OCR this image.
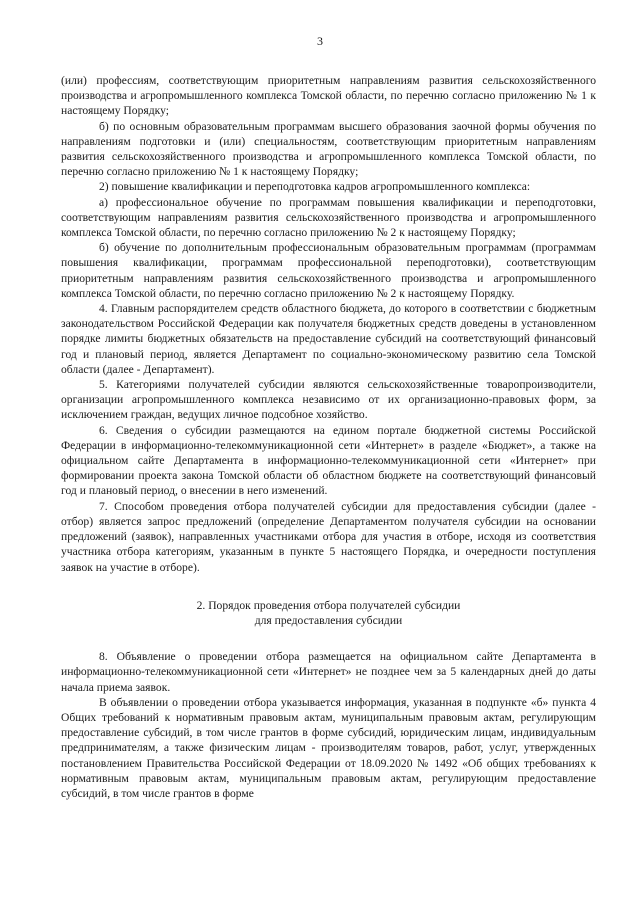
3

(или) профессиям, соответствующим приоритетным направлениям развития сельскохозяйственного производства и агропромышленного комплекса Томской области, по перечню согласно приложению № 1 к настоящему Порядку;

б) по основным образовательным программам высшего образования заочной формы обучения по направлениям подготовки и (или) специальностям, соответствующим приоритетным направлениям развития сельскохозяйственного производства и агропромышленного комплекса Томской области, по перечню согласно приложению № 1 к настоящему Порядку;

2) повышение квалификации и переподготовка кадров агропромышленного комплекса:

а) профессиональное обучение по программам повышения квалификации и переподготовки, соответствующим направлениям развития сельскохозяйственного производства и агропромышленного комплекса Томской области, по перечню согласно приложению № 2 к настоящему Порядку;

б) обучение по дополнительным профессиональным образовательным программам (программам повышения квалификации, программам профессиональной переподготовки), соответствующим приоритетным направлениям развития сельскохозяйственного производства и агропромышленного комплекса Томской области, по перечню согласно приложению № 2 к настоящему Порядку.

4. Главным распорядителем средств областного бюджета, до которого в соответствии с бюджетным законодательством Российской Федерации как получателя бюджетных средств доведены в установленном порядке лимиты бюджетных обязательств на предоставление субсидий на соответствующий финансовый год и плановый период, является Департамент по социально-экономическому развитию села Томской области (далее - Департамент).

5. Категориями получателей субсидии являются сельскохозяйственные товаропроизводители, организации агропромышленного комплекса независимо от их организационно-правовых форм, за исключением граждан, ведущих личное подсобное хозяйство.

6. Сведения о субсидии размещаются на едином портале бюджетной системы Российской Федерации в информационно-телекоммуникационной сети «Интернет» в разделе «Бюджет», а также на официальном сайте Департамента в информационно-телекоммуникационной сети «Интернет» при формировании проекта закона Томской области об областном бюджете на соответствующий финансовый год и плановый период, о внесении в него изменений.

7. Способом проведения отбора получателей субсидии для предоставления субсидии (далее - отбор) является запрос предложений (определение Департаментом получателя субсидии на основании предложений (заявок), направленных участниками отбора для участия в отборе, исходя из соответствия участника отбора категориям, указанным в пункте 5 настоящего Порядка, и очередности поступления заявок на участие в отборе).

2. Порядок проведения отбора получателей субсидии
для предоставления субсидии

8. Объявление о проведении отбора размещается на официальном сайте Департамента в информационно-телекоммуникационной сети «Интернет» не позднее чем за 5 календарных дней до даты начала приема заявок.

В объявлении о проведении отбора указывается информация, указанная в подпункте «б» пункта 4 Общих требований к нормативным правовым актам, муниципальным правовым актам, регулирующим предоставление субсидий, в том числе грантов в форме субсидий, юридическим лицам, индивидуальным предпринимателям, а также физическим лицам - производителям товаров, работ, услуг, утвержденных постановлением Правительства Российской Федерации от 18.09.2020 № 1492 «Об общих требованиях к нормативным правовым актам, муниципальным правовым актам, регулирующим предоставление субсидий, в том числе грантов в форме
